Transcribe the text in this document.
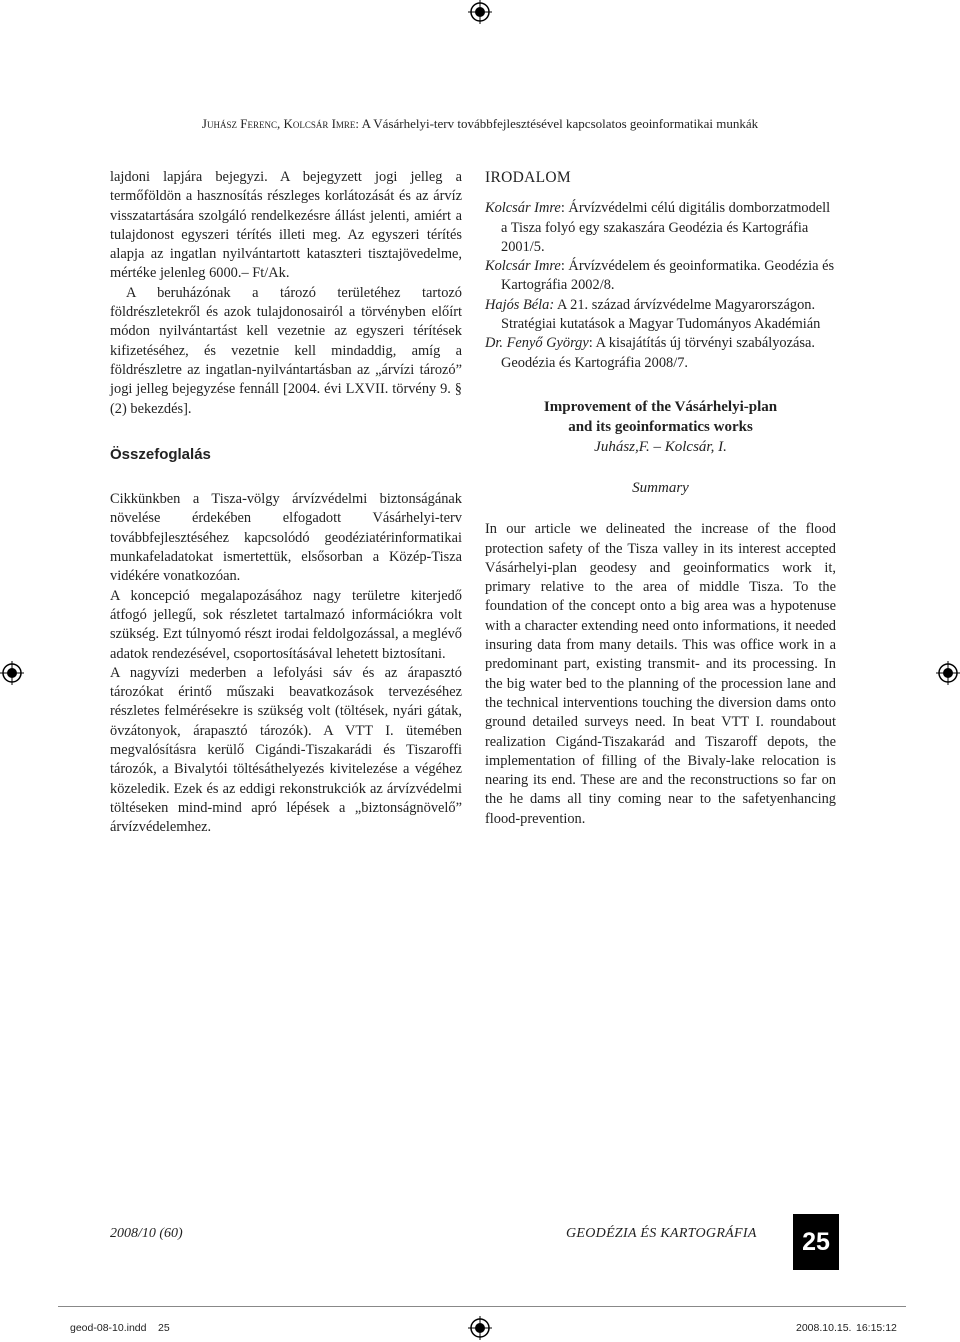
Juhász Ferenc, Kolcsár Imre: A Vásárhelyi-terv továbbfejlesztésével kapcsolatos geoinformatikai munkák

lajdoni lapjára bejegyzi. A bejegyzett jogi jelleg a termőföldön a hasznosítás részleges korlátozását és az árvíz visszatartására szolgáló rendelkezésre állást jelenti, amiért a tulajdonost egyszeri térítés illeti meg. Az egyszeri térítés alapja az ingatlan nyilvántartott kataszteri tisztajövedelme, mértéke jelenleg 6000.– Ft/Ak.

A beruházónak a tározó területéhez tartozó földrészletekről és azok tulajdonosairól a törvényben előírt módon nyilvántartást kell vezetnie az egyszeri térítések kifizetéséhez, és vezetnie kell mindaddig, amíg a földrészletre az ingatlan-nyilvántartásban az „árvízi tározó” jogi jelleg bejegyzése fennáll [2004. évi LXVII. törvény 9. § (2) bekezdés].

Összefoglalás

Cikkünkben a Tisza-völgy árvízvédelmi biztonságának növelése érdekében elfogadott Vásárhelyi-terv továbbfejlesztéséhez kapcsolódó geodéziatérinformatikai munkafeladatokat ismertettük, elsősorban a Közép-Tisza vidékére vonatkozóan.

A koncepció megalapozásához nagy területre kiterjedő átfogó jellegű, sok részletet tartalmazó információkra volt szükség. Ezt túlnyomó részt irodai feldolgozással, a meglévő adatok rendezésével, csoportosításával lehetett biztosítani.

A nagyvízi mederben a lefolyási sáv és az árapasztó tározókat érintő műszaki beavatkozások tervezéséhez részletes felmérésekre is szükség volt (töltések, nyári gátak, övzátonyok, árapasztó tározók). A VTT I. ütemében megvalósításra kerülő Cigándi-Tiszakarádi és Tiszaroffi tározók, a Bivalytói töltésáthelyezés kivitelezése a végéhez közeledik. Ezek és az eddigi rekonstrukciók az árvízvédelmi töltéseken mind-mind apró lépések a „biztonságnövelő” árvízvédelemhez.

IRODALOM

Kolcsár Imre: Árvízvédelmi célú digitális domborzatmodell a Tisza folyó egy szakaszára Geodézia és Kartográfia 2001/5.

Kolcsár Imre: Árvízvédelem és geoinformatika. Geodézia és Kartográfia 2002/8.

Hajós Béla: A 21. század árvízvédelme Magyarországon. Stratégiai kutatások a Magyar Tudományos Akadémián

Dr. Fenyő György: A kisajátítás új törvényi szabályozása. Geodézia és Kartográfia 2008/7.

Improvement of the Vásárhelyi-plan
and its geoinformatics works
Juhász,F. – Kolcsár, I.
Summary

In our article we delineated the increase of the flood protection safety of the Tisza valley in its interest accepted Vásárhelyi-plan geodesy and geoinformatics work it, primary relative to the area of middle Tisza. To the foundation of the concept onto a big area was a hypotenuse with a character extending need onto informations, it needed insuring data from many details. This was office work in a predominant part, existing transmit- and its processing. In the big water bed to the planning of the procession lane and the technical interventions touching the diversion dams onto ground detailed surveys need. In beat VTT I. roundabout realization Cigánd-Tiszakarád and Tiszaroff depots, the implementation of filling of the Bivaly-lake relocation is nearing its end. These are and the reconstructions so far on the he dams all tiny coming near to the safetyenhancing flood-prevention.

2008/10 (60)	GEODÉZIA ÉS KARTOGRÁFIA	25
geod-08-10.indd 25	2008.10.15. 16:15:12
